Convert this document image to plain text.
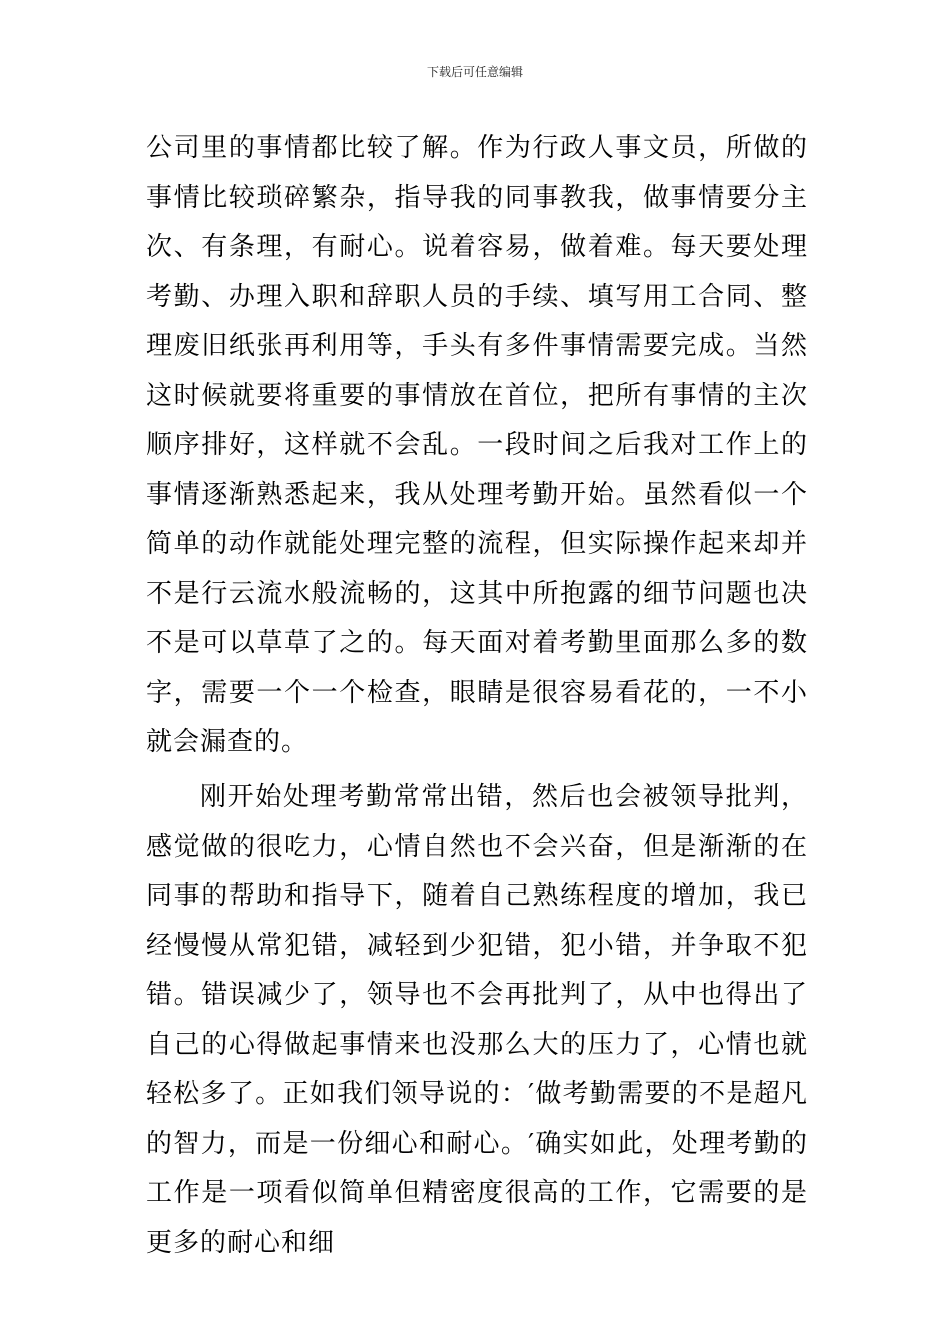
下载后可任意编辑

公司里的事情都比较了解。作为行政人事文员，所做的事情比较琐碎繁杂，指导我的同事教我，做事情要分主次、有条理，有耐心。说着容易，做着难。每天要处理考勤、办理入职和辞职人员的手续、填写用工合同、整理废旧纸张再利用等，手头有多件事情需要完成。当然这时候就要将重要的事情放在首位，把所有事情的主次顺序排好，这样就不会乱。一段时间之后我对工作上的事情逐渐熟悉起来，我从处理考勤开始。虽然看似一个简单的动作就能处理完整的流程，但实际操作起来却并不是行云流水般流畅的，这其中所抱露的细节问题也决不是可以草草了之的。每天面对着考勤里面那么多的数字，需要一个一个检查，眼睛是很容易看花的，一不小就会漏查的。

刚开始处理考勤常常出错，然后也会被领导批判，感觉做的很吃力，心情自然也不会兴奋，但是渐渐的在同事的帮助和指导下，随着自己熟练程度的增加，我已经慢慢从常犯错，减轻到少犯错，犯小错，并争取不犯错。错误减少了，领导也不会再批判了，从中也得出了自己的心得做起事情来也没那么大的压力了，心情也就轻松多了。正如我们领导说的：′做考勤需要的不是超凡的智力，而是一份细心和耐心。′确实如此，处理考勤的工作是一项看似简单但精密度很高的工作，它需要的是更多的耐心和细
